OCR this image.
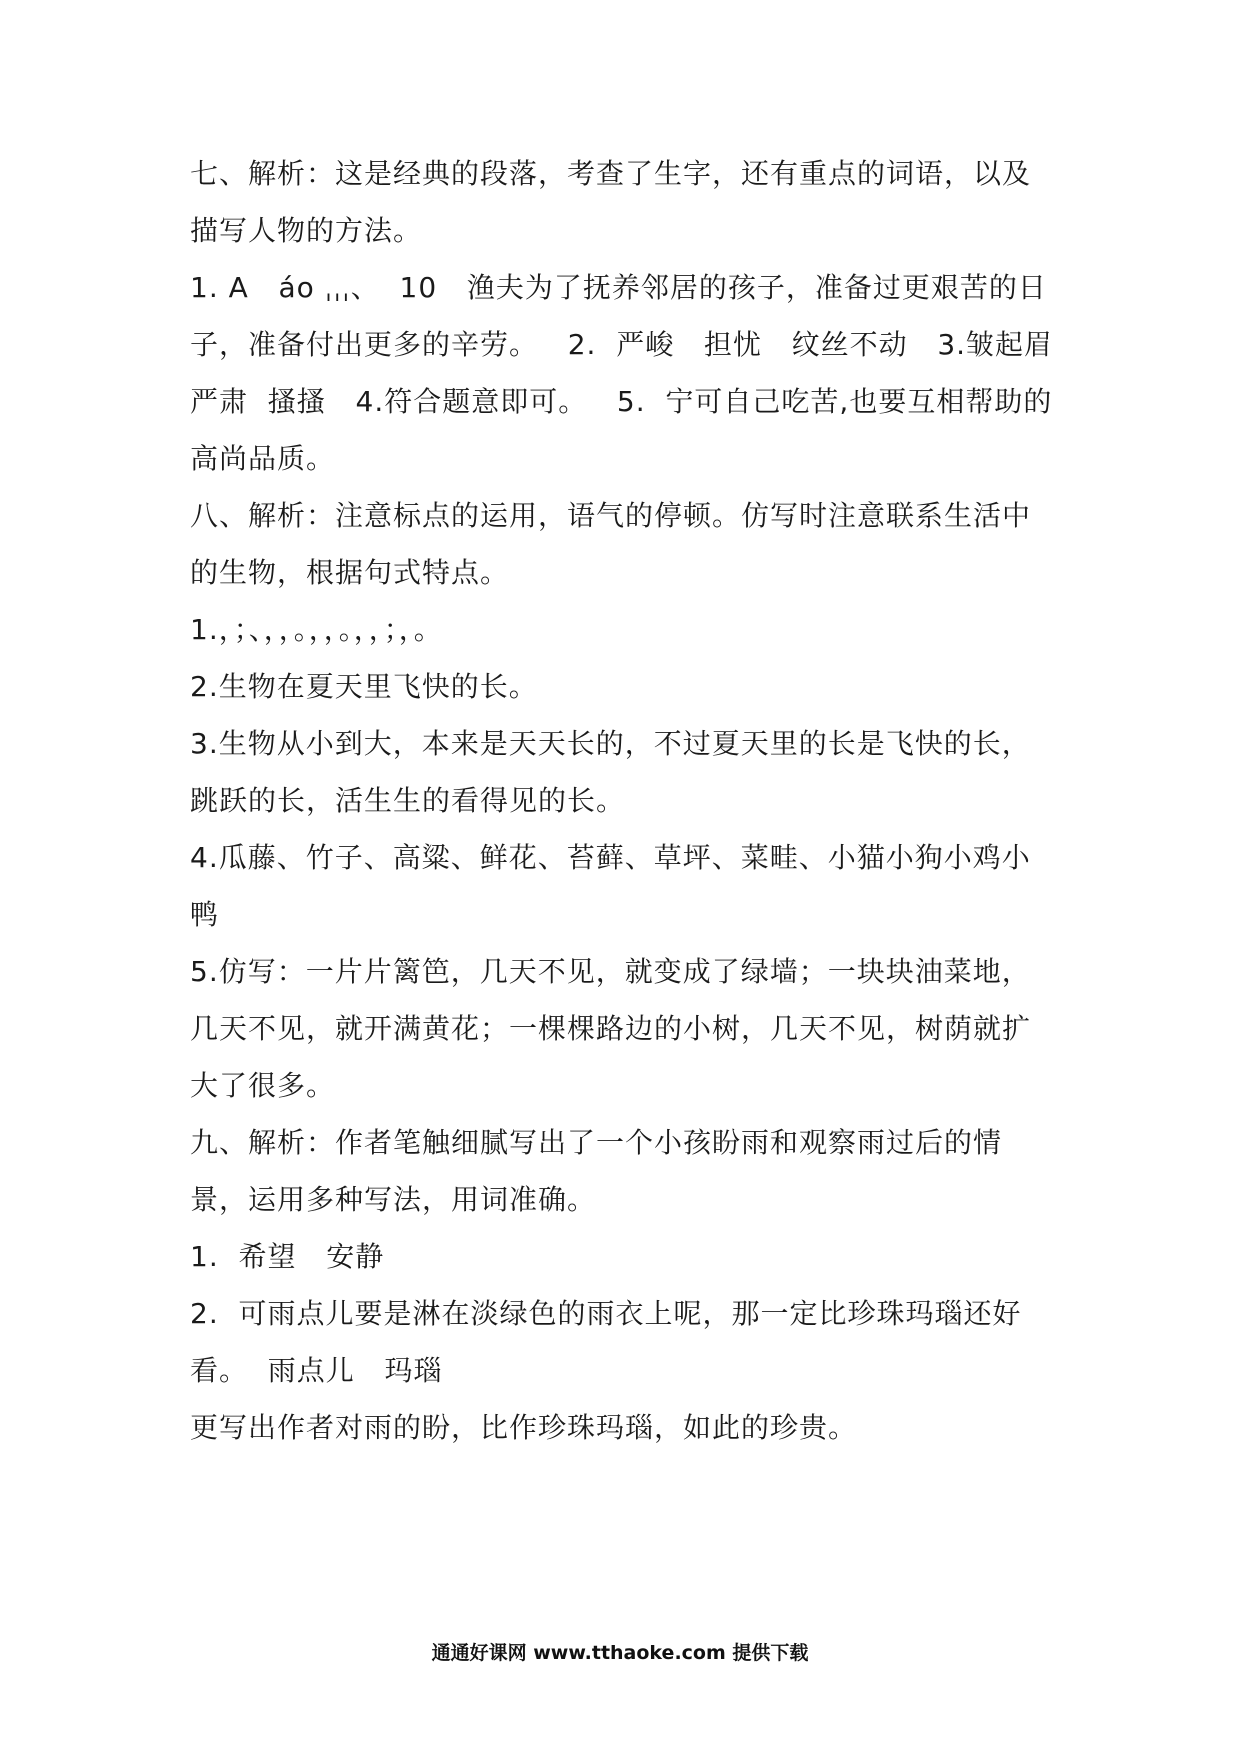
七、解析：这是经典的段落，考查了生字，还有重点的词语，以及

描写人物的方法。

1. A   áo ˌˌˌ、  10   渔夫为了抚养邻居的孩子，准备过更艰苦的日

子，准备付出更多的辛劳。   2.  严峻   担忧   纹丝不动   3.皱起眉

严肃  搔搔   4.符合题意即可。   5.  宁可自己吃苦,也要互相帮助的

高尚品质。

八、解析：注意标点的运用，语气的停顿。仿写时注意联系生活中

的生物，根据句式特点。

1.，；、，，。，，。，，；，。

2.生物在夏天里飞快的长。

3.生物从小到大，本来是天天长的，不过夏天里的长是飞快的长，

跳跃的长，活生生的看得见的长。

4.瓜藤、竹子、高粱、鲜花、苔藓、草坪、菜畦、小猫小狗小鸡小

鸭

5.仿写：一片片篱笆，几天不见，就变成了绿墙；一块块油菜地，

几天不见，就开满黄花；一棵棵路边的小树，几天不见，树荫就扩

大了很多。

九、解析：作者笔触细腻写出了一个小孩盼雨和观察雨过后的情

景，运用多种写法，用词准确。

1.  希望   安静

2.  可雨点儿要是淋在淡绿色的雨衣上呢，那一定比珍珠玛瑙还好

看。  雨点儿   玛瑙

更写出作者对雨的盼，比作珍珠玛瑙，如此的珍贵。

通通好课网 www.tthaoke.com 提供下载
